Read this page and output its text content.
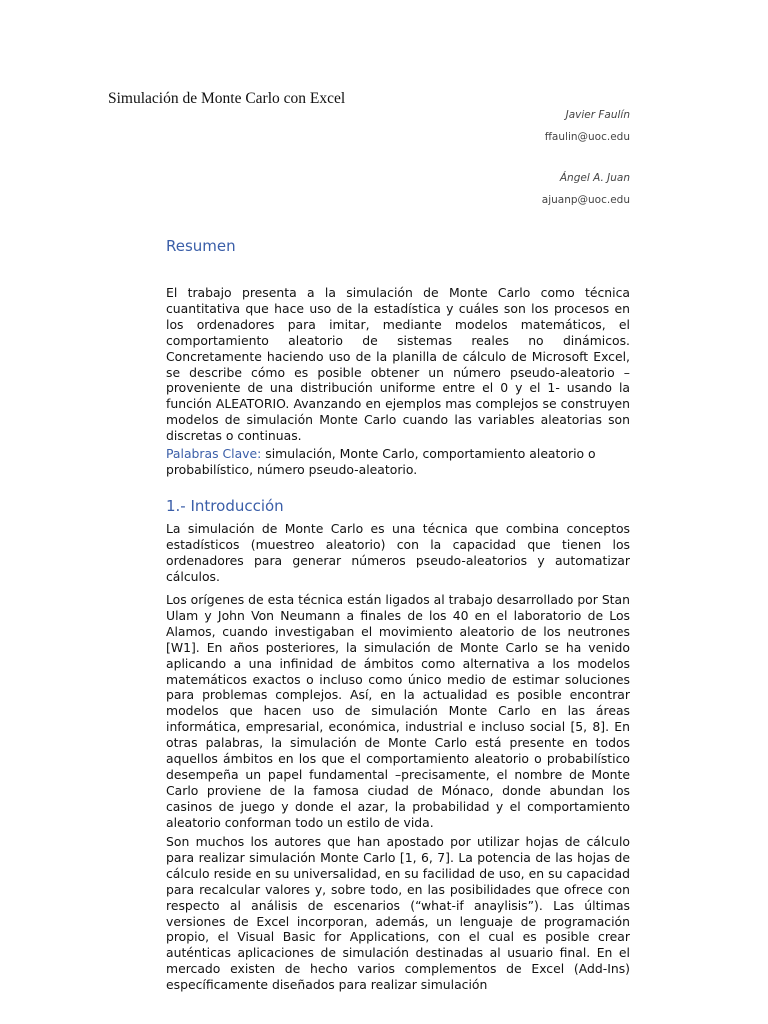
Simulación de Monte Carlo con Excel
Javier Faulín
ffaulin@uoc.edu
Ángel A. Juan
ajuanp@uoc.edu
Resumen

El trabajo presenta a la simulación de Monte Carlo como técnica cuantitativa que hace uso de la estadística y cuáles son los procesos en los ordenadores para imitar, mediante modelos matemáticos, el comportamiento aleatorio de sistemas reales no dinámicos. Concretamente haciendo uso de la planilla de cálculo de Microsoft Excel, se describe cómo es posible obtener un número pseudo-aleatorio –proveniente de una distribución uniforme entre el 0 y el 1- usando la función ALEATORIO. Avanzando en ejemplos mas complejos se construyen modelos de simulación Monte Carlo cuando las variables aleatorias son discretas o continuas.

Palabras Clave: simulación, Monte Carlo, comportamiento aleatorio o probabilístico, número pseudo-aleatorio.

1.- Introducción

La simulación de Monte Carlo es una técnica que combina conceptos estadísticos (muestreo aleatorio) con la capacidad que tienen los ordenadores para generar números pseudo-aleatorios y automatizar cálculos.

Los orígenes de esta técnica están ligados al trabajo desarrollado por Stan Ulam y John Von Neumann a finales de los 40 en el laboratorio de Los Alamos, cuando investigaban el movimiento aleatorio de los neutrones [W1]. En años posteriores, la simulación de Monte Carlo se ha venido aplicando a una infinidad de ámbitos como alternativa a los modelos matemáticos exactos o incluso como único medio de estimar soluciones para problemas complejos. Así, en la actualidad es posible encontrar modelos que hacen uso de simulación Monte Carlo en las áreas informática, empresarial, económica, industrial e incluso social [5, 8]. En otras palabras, la simulación de Monte Carlo está presente en todos aquellos ámbitos en los que el comportamiento aleatorio o probabilístico desempeña un papel fundamental –precisamente, el nombre de Monte Carlo proviene de la famosa ciudad de Mónaco, donde abundan los casinos de juego y donde el azar, la probabilidad y el comportamiento aleatorio conforman todo un estilo de vida.

Son muchos los autores que han apostado por utilizar hojas de cálculo para realizar simulación Monte Carlo [1, 6, 7]. La potencia de las hojas de cálculo reside en su universalidad, en su facilidad de uso, en su capacidad para recalcular valores y, sobre todo, en las posibilidades que ofrece con respecto al análisis de escenarios (“what-if anaylisis”). Las últimas versiones de Excel incorporan, además, un lenguaje de programación propio, el Visual Basic for Applications, con el cual es posible crear auténticas aplicaciones de simulación destinadas al usuario final. En el mercado existen de hecho varios complementos de Excel (Add-Ins) específicamente diseñados para realizar simulación
